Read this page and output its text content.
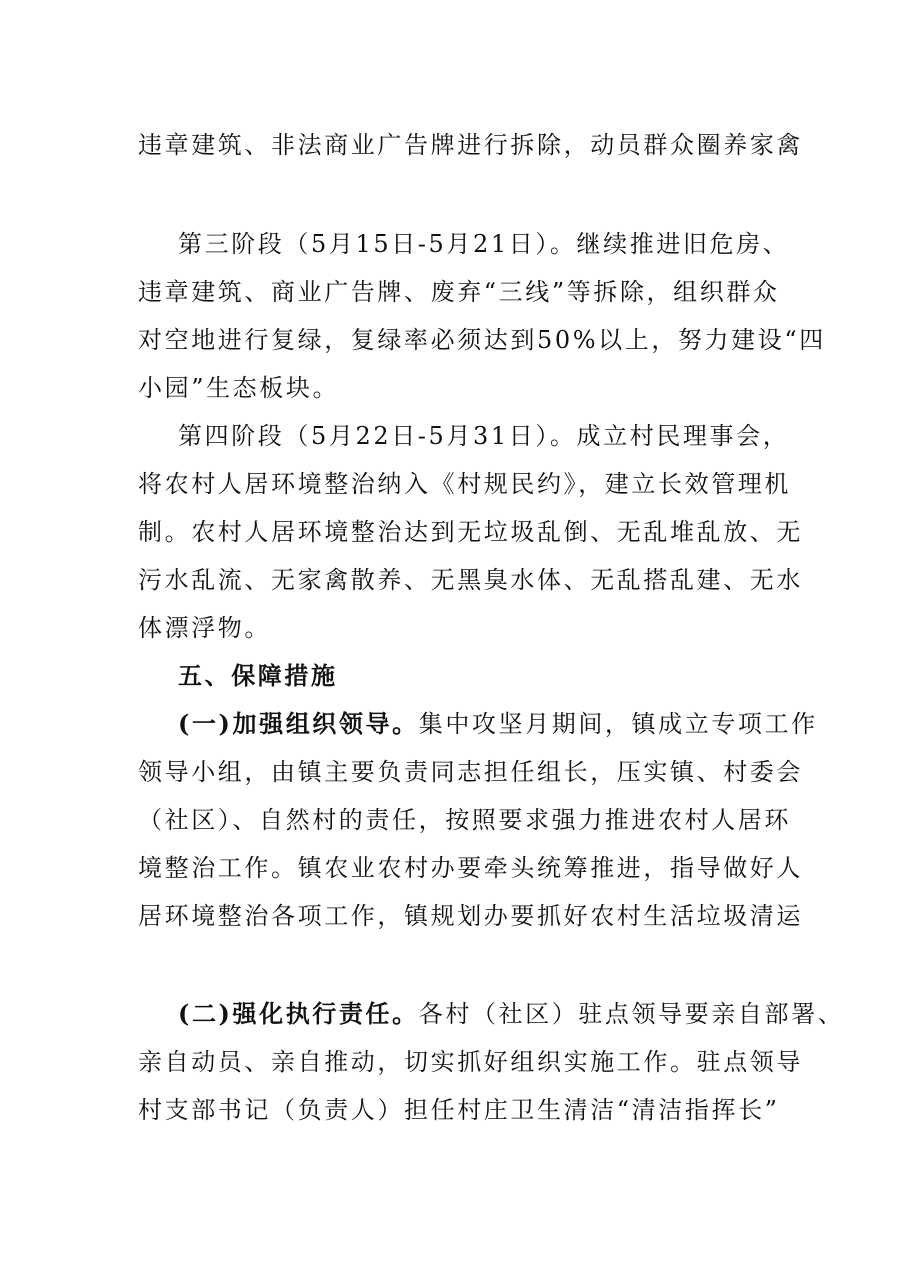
违章建筑、非法商业广告牌进行拆除，动员群众圈养家禽
第三阶段（5月15日-5月21日）。继续推进旧危房、
违章建筑、商业广告牌、废弃“三线”等拆除，组织群众
对空地进行复绿，复绿率必须达到50%以上，努力建设“四
小园”生态板块。
第四阶段（5月22日-5月31日）。成立村民理事会，
将农村人居环境整治纳入《村规民约》，建立长效管理机
制。农村人居环境整治达到无垃圾乱倒、无乱堆乱放、无
污水乱流、无家禽散养、无黑臭水体、无乱搭乱建、无水
体漂浮物。
五、保障措施
(一)加强组织领导。集中攻坚月期间，镇成立专项工作
领导小组，由镇主要负责同志担任组长，压实镇、村委会
（社区）、自然村的责任，按照要求强力推进农村人居环
境整治工作。镇农业农村办要牵头统筹推进，指导做好人
居环境整治各项工作，镇规划办要抓好农村生活垃圾清运
(二)强化执行责任。各村（社区）驻点领导要亲自部署、
亲自动员、亲自推动，切实抓好组织实施工作。驻点领导
村支部书记（负责人）担任村庄卫生清洁“清洁指挥长”
